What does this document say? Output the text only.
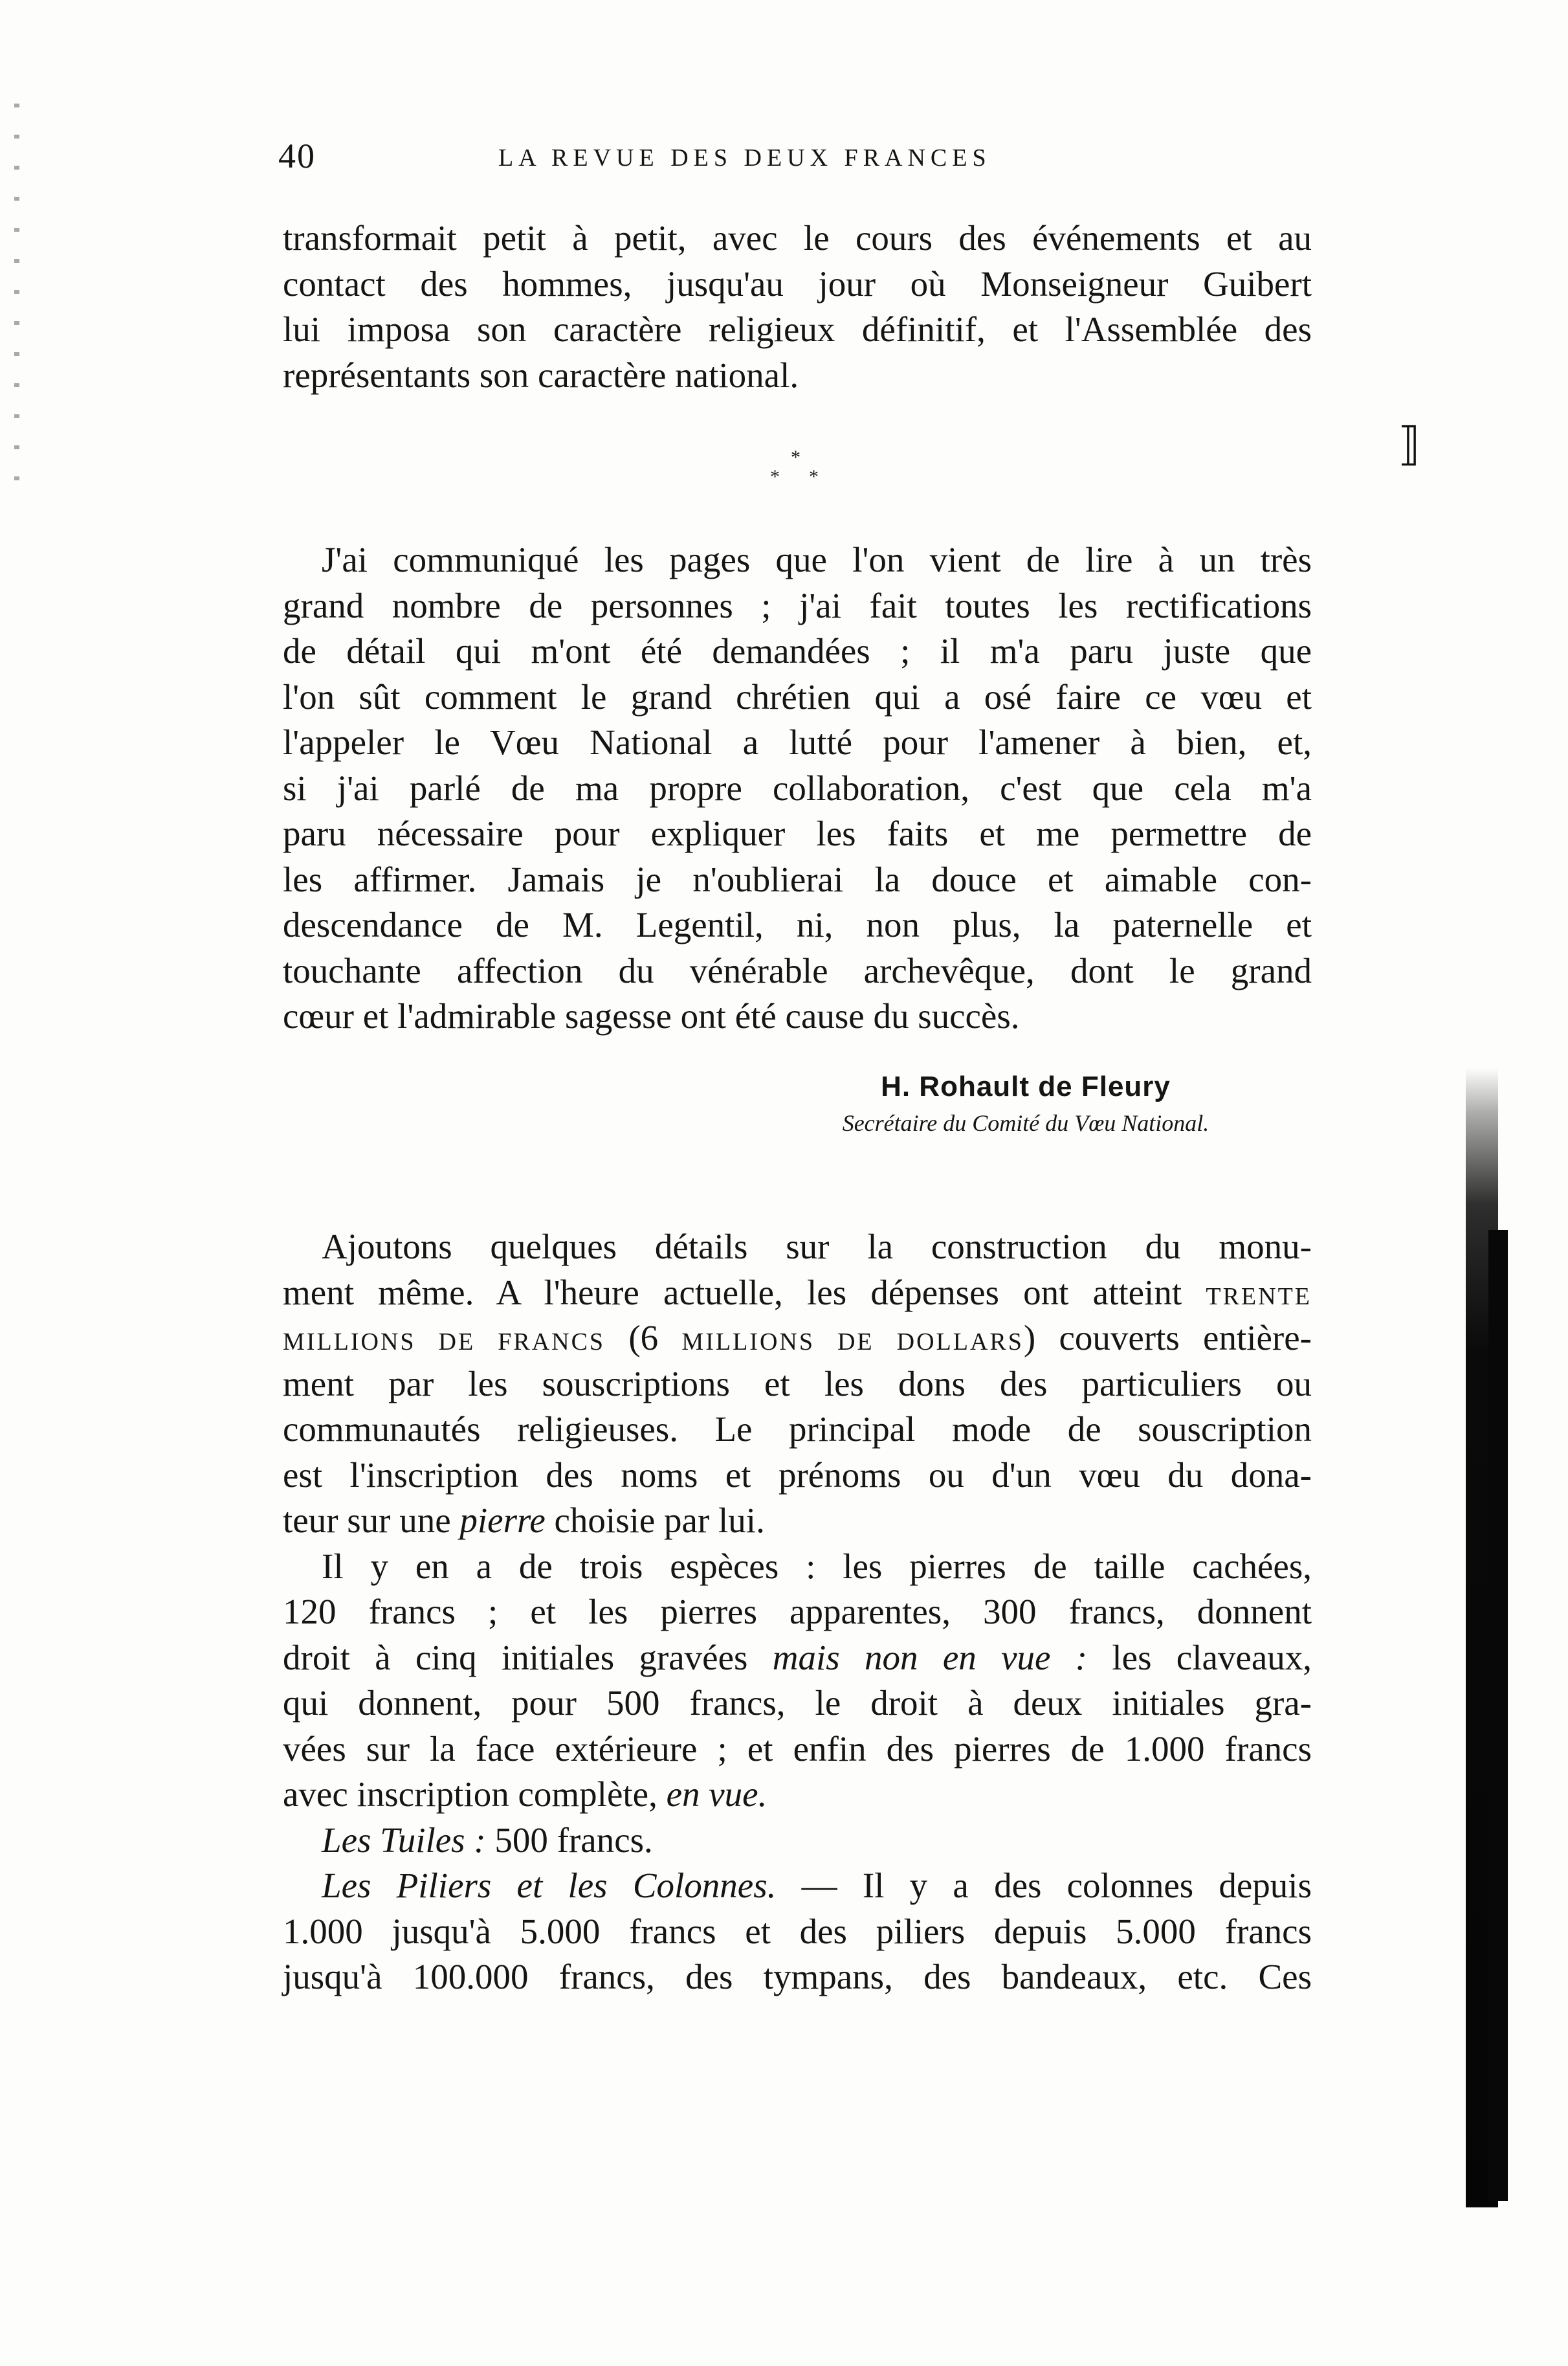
40	LA REVUE DES DEUX FRANCES
transformait petit à petit, avec le cours des événements et au
contact des hommes, jusqu'au jour où Monseigneur Guibert
lui imposa son caractère religieux définitif, et l'Assemblée des
représentants son caractère national.
*
* *
⟧
J'ai communiqué les pages que l'on vient de lire à un très
grand nombre de personnes ; j'ai fait toutes les rectifications
de détail qui m'ont été demandées ; il m'a paru juste que
l'on sût comment le grand chrétien qui a osé faire ce vœu et
l'appeler le Vœu National a lutté pour l'amener à bien, et,
si j'ai parlé de ma propre collaboration, c'est que cela m'a
paru nécessaire pour expliquer les faits et me permettre de
les affirmer. Jamais je n'oublierai la douce et aimable con-
descendance de M. Legentil, ni, non plus, la paternelle et
touchante affection du vénérable archevêque, dont le grand
cœur et l'admirable sagesse ont été cause du succès.
H. Rohault de Fleury
Secrétaire du Comité du Vœu National.
Ajoutons quelques détails sur la construction du monu-
ment même. A l'heure actuelle, les dépenses ont atteint TRENTE
MILLIONS DE FRANCS (6 MILLIONS DE DOLLARS) couverts entière-
ment par les souscriptions et les dons des particuliers ou
communautés religieuses. Le principal mode de souscription
est l'inscription des noms et prénoms ou d'un vœu du dona-
teur sur une pierre choisie par lui.
Il y en a de trois espèces : les pierres de taille cachées,
120 francs ; et les pierres apparentes, 300 francs, donnent
droit à cinq initiales gravées mais non en vue : les claveaux,
qui donnent, pour 500 francs, le droit à deux initiales gra-
vées sur la face extérieure ; et enfin des pierres de 1.000 francs
avec inscription complète, en vue.
Les Tuiles : 500 francs.
Les Piliers et les Colonnes. — Il y a des colonnes depuis
1.000 jusqu'à 5.000 francs et des piliers depuis 5.000 francs
jusqu'à 100.000 francs, des tympans, des bandeaux, etc. Ces
